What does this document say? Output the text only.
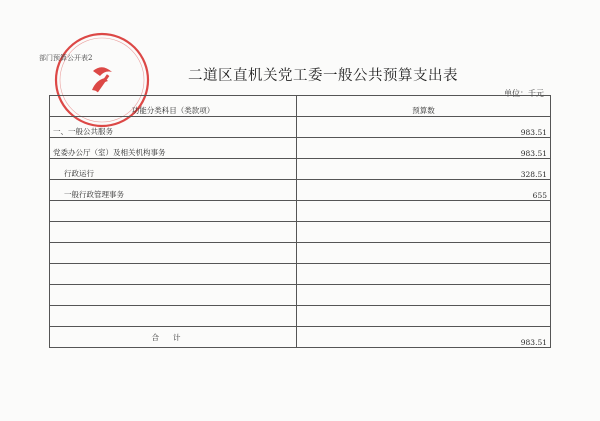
部门预算公开表2
二道区直机关党工委一般公共预算支出表
单位：千元
功能分类科目（类款项）	预算数
一、一般公共服务	983.51
党委办公厅（室）及相关机构事务	983.51
行政运行	328.51
一般行政管理事务	655

合计	983.51
